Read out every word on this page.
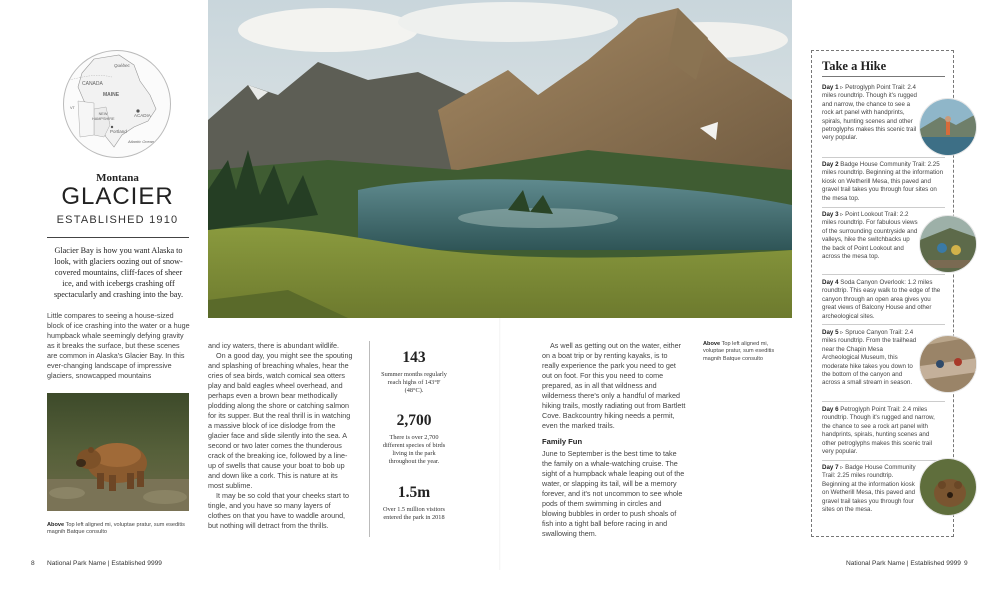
CANADA
Québec
MAINE
NEW HAMPSHIRE
VT
ACADIA
Portland
Atlantic Ocean
Montana
GLACIER
ESTABLISHED 1910
Glacier Bay is how you want Alaska to look, with glaciers oozing out of snow-covered mountains, cliff-faces of sheer ice, and with icebergs crashing off spectacularly and crashing into the bay.
Little compares to seeing a house-sized block of ice crashing into the water or a huge humpback whale seemingly defying gravity as it breaks the surface, but these scenes are common in Alaska's Glacier Bay. In this ever-changing landscape of impressive glaciers, snowcapped mountains
Above Top left aligned mi, voluptae pratur, sum eseditis magnih Batque consulto

and icy waters, there is abundant wildlife.

On a good day, you might see the spouting and splashing of breaching whales, hear the cries of sea birds, watch comical sea otters play and bald eagles wheel overhead, and perhaps even a brown bear methodically plodding along the shore or catching salmon for its supper. But the real thrill is in watching a massive block of ice dislodge from the glacier face and slide silently into the sea. A second or two later comes the thunderous crack of the breaking ice, followed by a line-up of swells that cause your boat to bob up and down like a cork. This is nature at its most sublime.

It may be so cold that your cheeks start to tingle, and you have so many layers of clothes on that you have to waddle around, but nothing will detract from the thrills.

143
Summer months regularly reach highs of 143°F (48°C).
2,700
There is over 2,700 different species of birds living in the park throughout the year.
1.5m
Over 1.5 million visitors entered the park in 2018

As well as getting out on the water, either on a boat trip or by renting kayaks, is to really experience the park you need to get out on foot. For this you need to come prepared, as in all that wildness and wilderness there's only a handful of marked hiking trails, mostly radiating out from Bartlett Cove. Backcountry hiking needs a permit, even the marked trails.

Family Fun

June to September is the best time to take the family on a whale-watching cruise. The sight of a humpback whale leaping out of the water, or slapping its tail, will be a memory forever, and it's not uncommon to see whole pods of them swimming in circles and blowing bubbles in order to push shoals of fish into a tight ball before racing in and swallowing them.

Above Top left aligned mi, voluptae pratur, sum eseditis magnih Batque consulto
Take a Hike
Day 1 ▹ Petroglyph Point Trail: 2.4 miles roundtrip. Though it's rugged and narrow, the chance to see a rock art panel with handprints, spirals, hunting scenes and other petroglyphs makes this scenic trail very popular.
Day 2 Badge House Community Trail: 2.25 miles roundtrip. Beginning at the information kiosk on Wetherill Mesa, this paved and gravel trail takes you through four sites on the mesa top.
Day 3 ▹ Point Lookout Trail: 2.2 miles roundtrip. For fabulous views of the surrounding countryside and valleys, hike the switchbacks up the back of Point Lookout and across the mesa top.
Day 4 Soda Canyon Overlook: 1.2 miles roundtrip. This easy walk to the edge of the canyon through an open area gives you great views of Balcony House and other archeological sites.
Day 5 ▹ Spruce Canyon Trail: 2.4 miles roundtrip. From the trailhead near the Chapin Mesa Archeological Museum, this moderate hike takes you down to the bottom of the canyon and across a small stream in season.
Day 6 Petroglyph Point Trail: 2.4 miles roundtrip. Though it's rugged and narrow, the chance to see a rock art panel with handprints, spirals, hunting scenes and other petroglyphs makes this scenic trail very popular.
Day 7 ▹ Badge House Community Trail: 2.25 miles roundtrip. Beginning at the information kiosk on Wetherill Mesa, this paved and gravel trail takes you through four sites on the mesa.
8 National Park Name | Established 9999	National Park Name | Established 9999 9
